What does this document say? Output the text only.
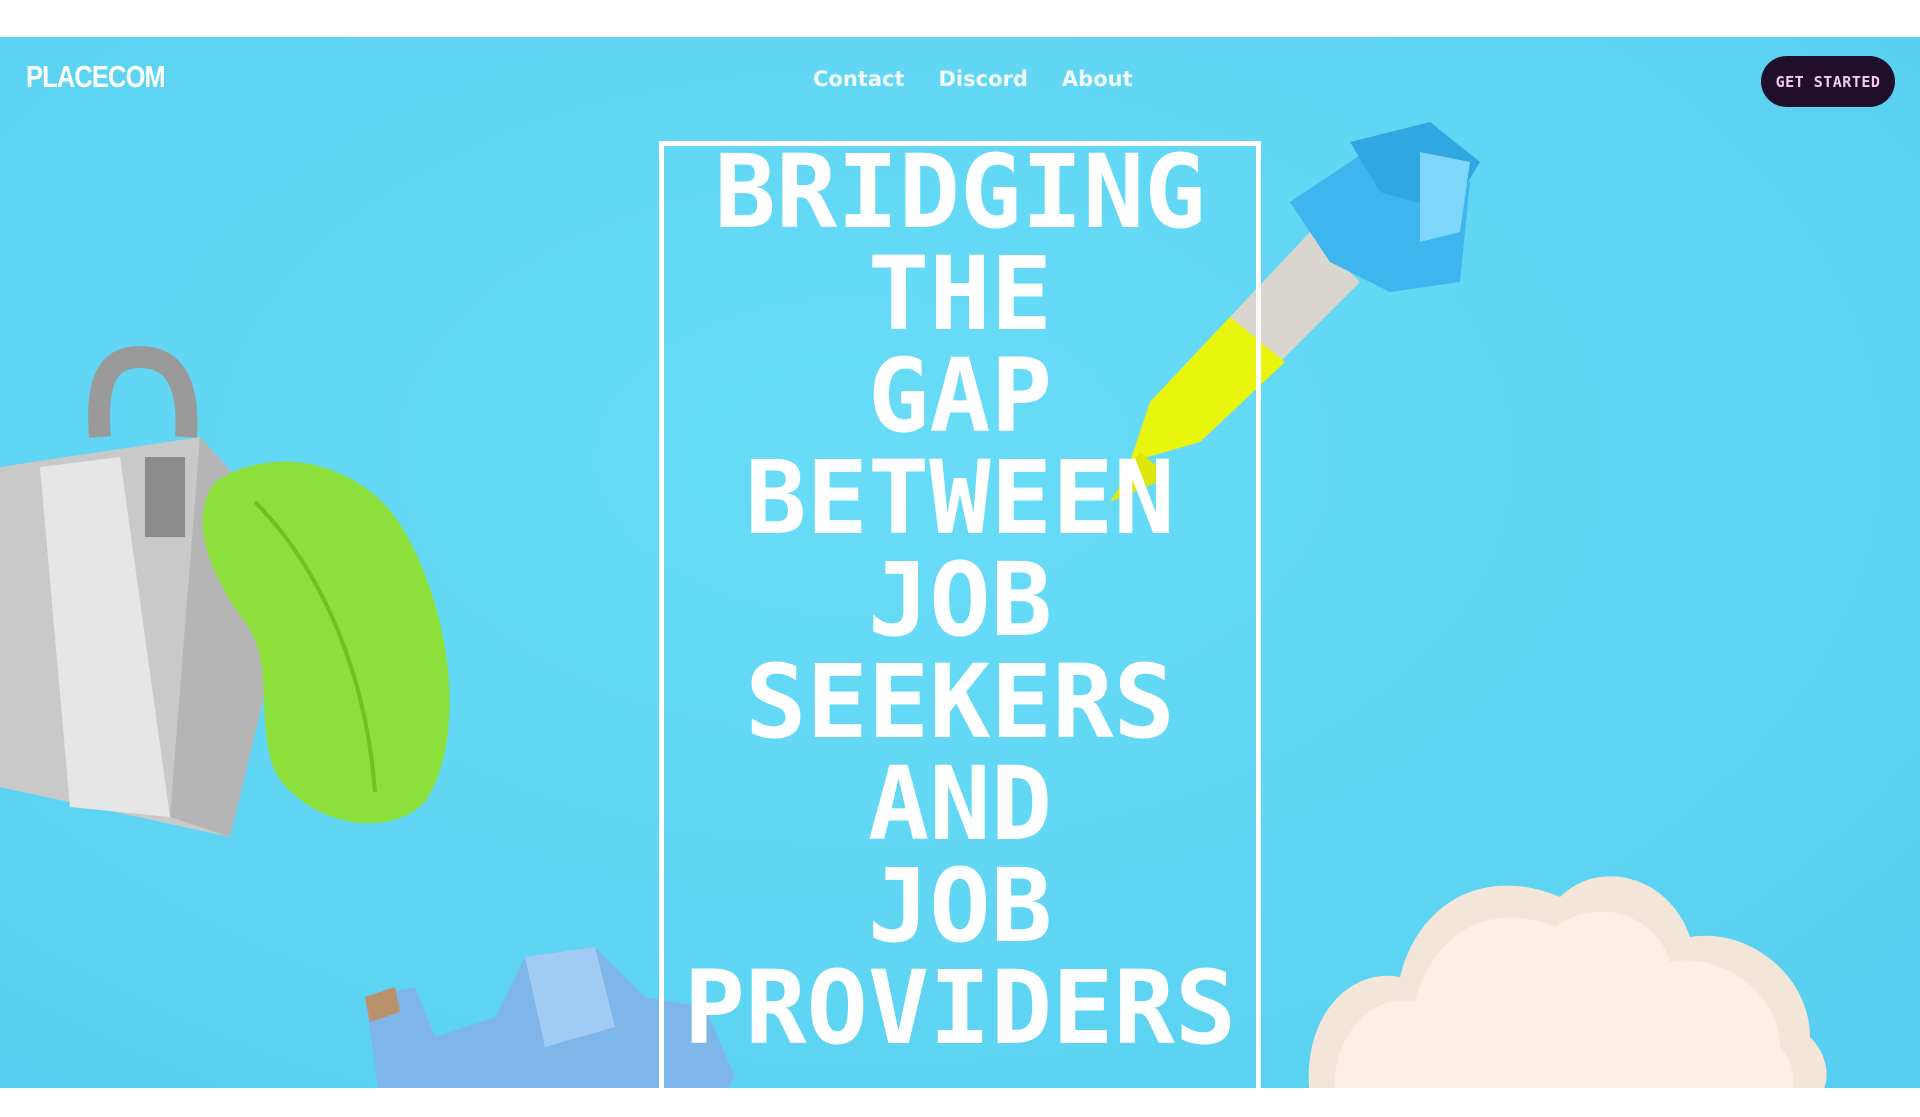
PLACECOM	Contact Discord About	GET STARTED
BRIDGING
THE
GAP
BETWEEN
JOB
SEEKERS
AND
JOB
PROVIDERS
